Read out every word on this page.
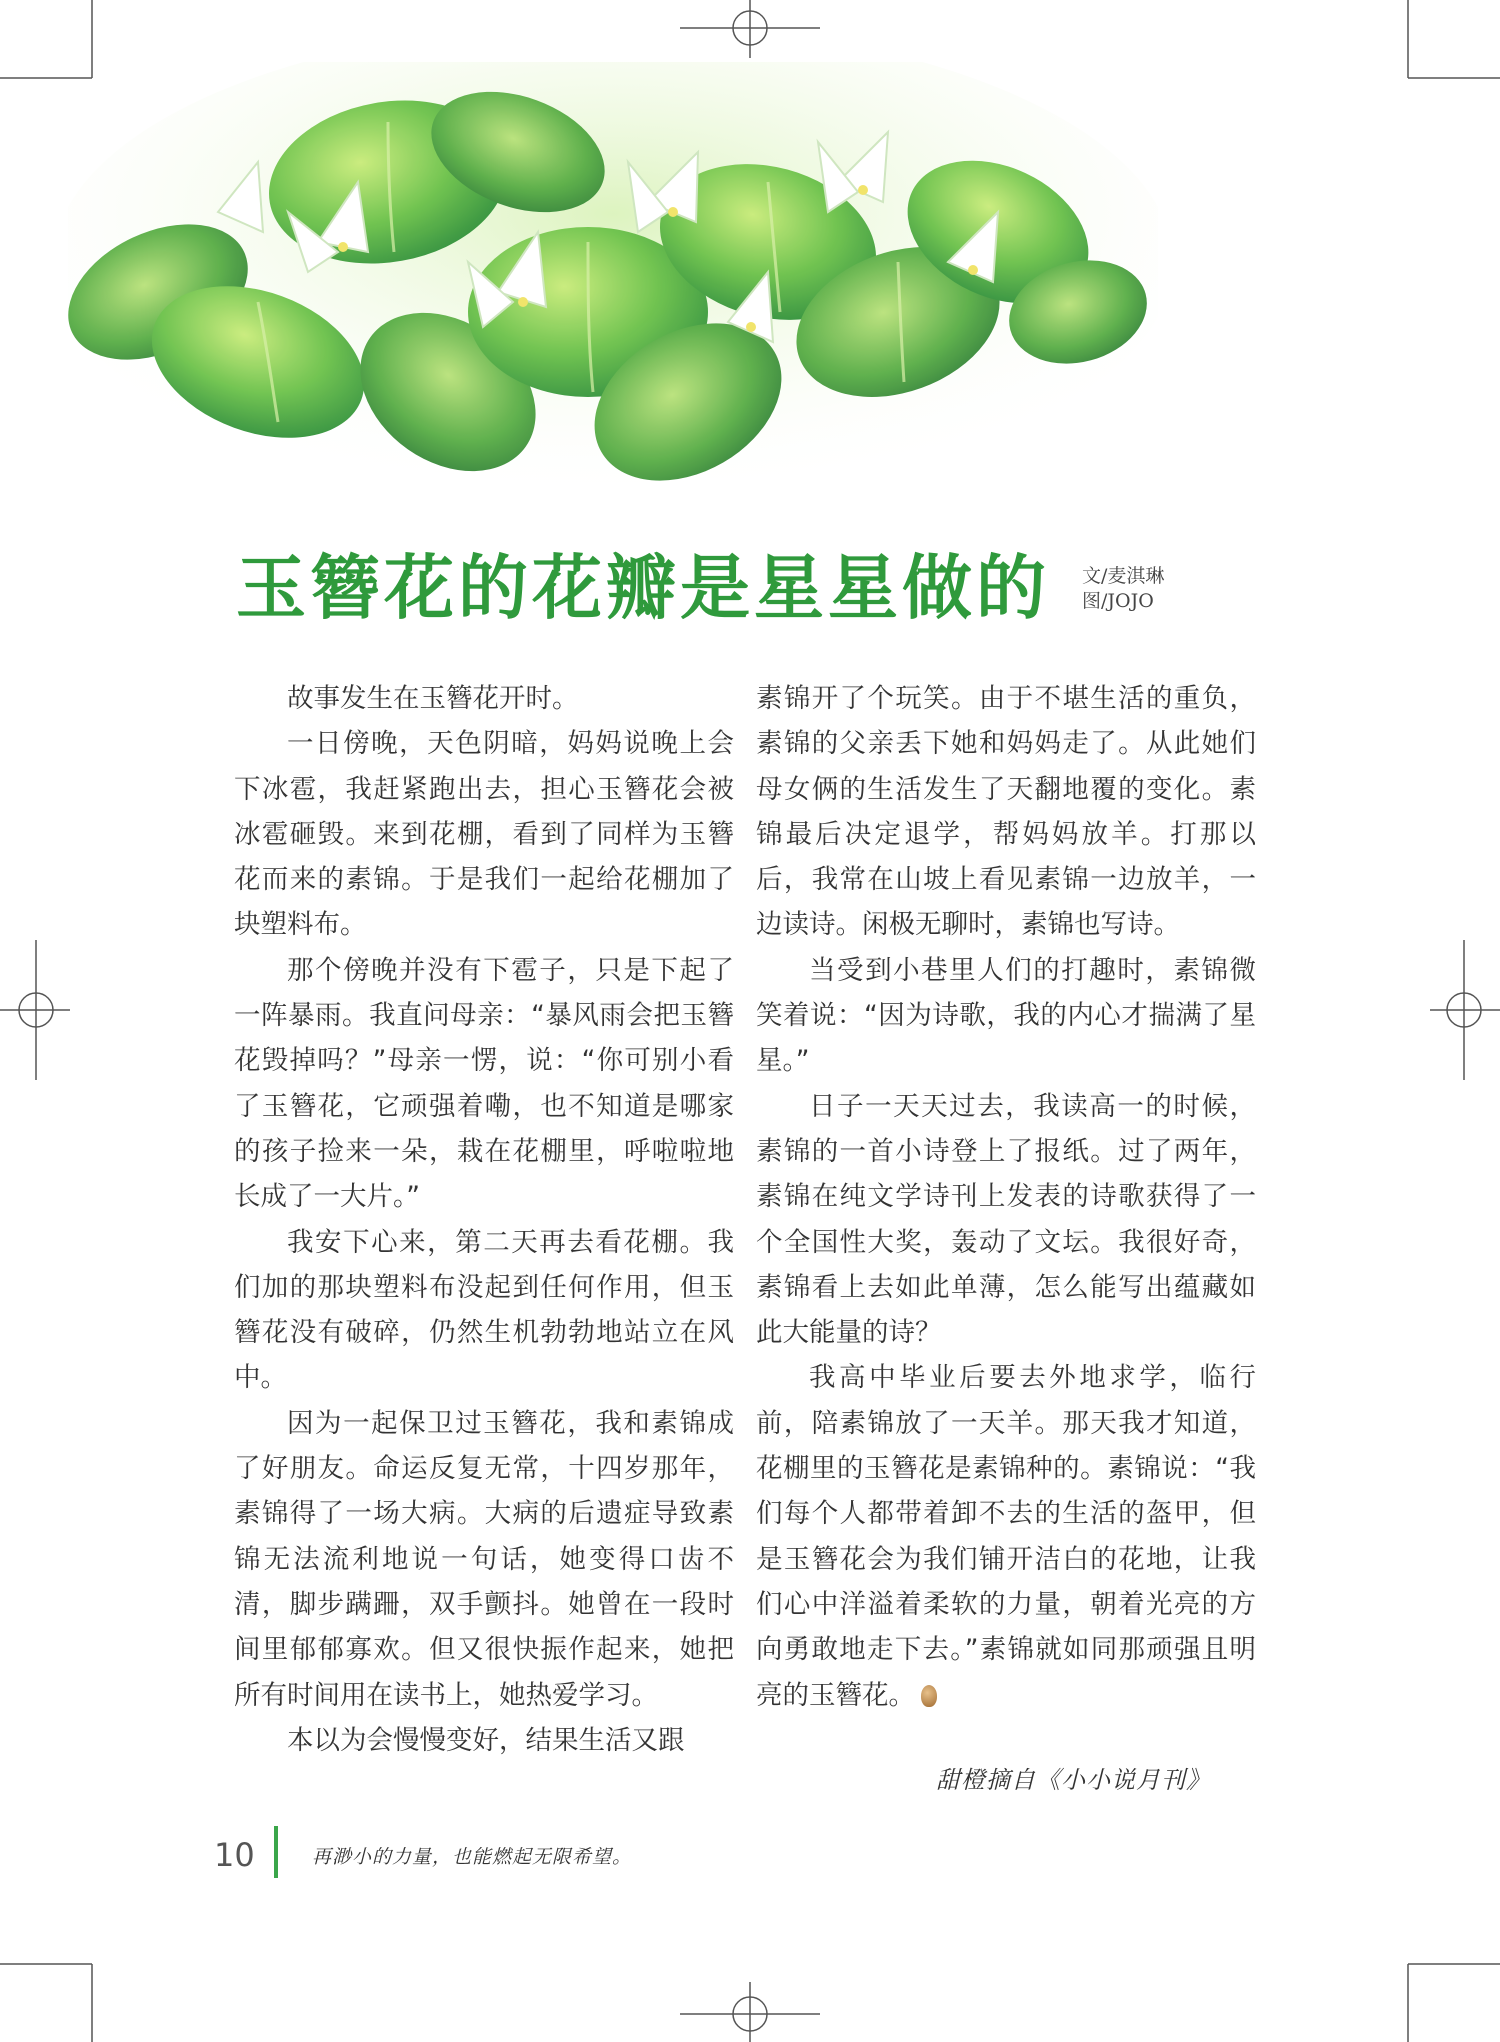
玉簪花的花瓣是星星做的 文/麦淇琳
图/JOJO

故事发生在玉簪花开时。

一日傍晚，天色阴暗，妈妈说晚上会下冰雹，我赶紧跑出去，担心玉簪花会被冰雹砸毁。来到花棚，看到了同样为玉簪花而来的素锦。于是我们一起给花棚加了块塑料布。

那个傍晚并没有下雹子，只是下起了一阵暴雨。我直问母亲：“暴风雨会把玉簪花毁掉吗？”母亲一愣，说：“你可别小看了玉簪花，它顽强着嘞，也不知道是哪家的孩子捡来一朵，栽在花棚里，呼啦啦地长成了一大片。”

我安下心来，第二天再去看花棚。我们加的那块塑料布没起到任何作用，但玉簪花没有破碎，仍然生机勃勃地站立在风中。

因为一起保卫过玉簪花，我和素锦成了好朋友。命运反复无常，十四岁那年，素锦得了一场大病。大病的后遗症导致素锦无法流利地说一句话，她变得口齿不清，脚步蹒跚，双手颤抖。她曾在一段时间里郁郁寡欢。但又很快振作起来，她把所有时间用在读书上，她热爱学习。

本以为会慢慢变好，结果生活又跟

素锦开了个玩笑。由于不堪生活的重负，素锦的父亲丢下她和妈妈走了。从此她们母女俩的生活发生了天翻地覆的变化。素锦最后决定退学，帮妈妈放羊。打那以后，我常在山坡上看见素锦一边放羊，一边读诗。闲极无聊时，素锦也写诗。

当受到小巷里人们的打趣时，素锦微笑着说：“因为诗歌，我的内心才揣满了星星。”

日子一天天过去，我读高一的时候，素锦的一首小诗登上了报纸。过了两年，素锦在纯文学诗刊上发表的诗歌获得了一个全国性大奖，轰动了文坛。我很好奇，素锦看上去如此单薄，怎么能写出蕴藏如此大能量的诗？

我高中毕业后要去外地求学，临行前，陪素锦放了一天羊。那天我才知道，花棚里的玉簪花是素锦种的。素锦说：“我们每个人都带着卸不去的生活的盔甲，但是玉簪花会为我们铺开洁白的花地，让我们心中洋溢着柔软的力量，朝着光亮的方向勇敢地走下去。”素锦就如同那顽强且明亮的玉簪花。

甜橙摘自《小小说月刊》
10	再渺小的力量，也能燃起无限希望。
